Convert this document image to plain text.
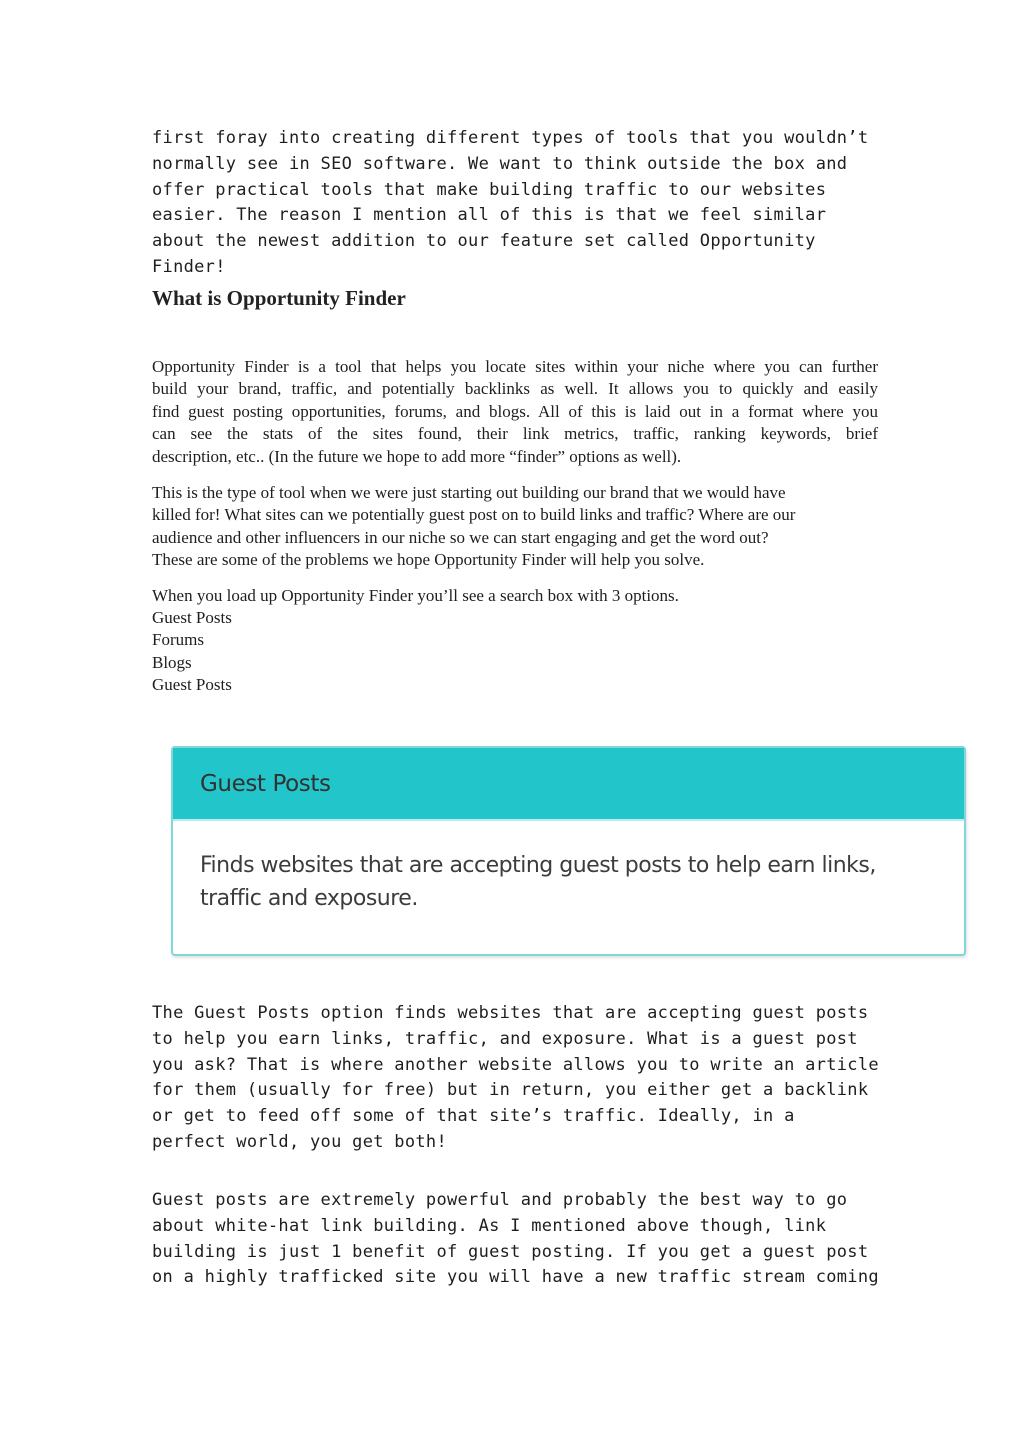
first foray into creating different types of tools that you wouldn’t
normally see in SEO software. We want to think outside the box and
offer practical tools that make building traffic to our websites
easier. The reason I mention all of this is that we feel similar
about the newest addition to our feature set called Opportunity
Finder!

What is Opportunity Finder

Opportunity Finder is a tool that helps you locate sites within your niche where you can further
build your brand, traffic, and potentially backlinks as well. It allows you to quickly and easily
find guest posting opportunities, forums, and blogs. All of this is laid out in a format where you
can see the stats of the sites found, their link metrics, traffic, ranking keywords, brief
description, etc.. (In the future we hope to add more “finder” options as well).

This is the type of tool when we were just starting out building our brand that we would have
killed for! What sites can we potentially guest post on to build links and traffic? Where are our
audience and other influencers in our niche so we can start engaging and get the word out?
These are some of the problems we hope Opportunity Finder will help you solve.

When you load up Opportunity Finder you’ll see a search box with 3 options.

Guest Posts
Forums
Blogs
Guest Posts
Guest Posts
Finds websites that are accepting guest posts to help earn links,
traffic and exposure.

The Guest Posts option finds websites that are accepting guest posts
to help you earn links, traffic, and exposure. What is a guest post
you ask? That is where another website allows you to write an article
for them (usually for free) but in return, you either get a backlink
or get to feed off some of that site’s traffic. Ideally, in a
perfect world, you get both!

Guest posts are extremely powerful and probably the best way to go
about white-hat link building. As I mentioned above though, link
building is just 1 benefit of guest posting. If you get a guest post
on a highly trafficked site you will have a new traffic stream coming
